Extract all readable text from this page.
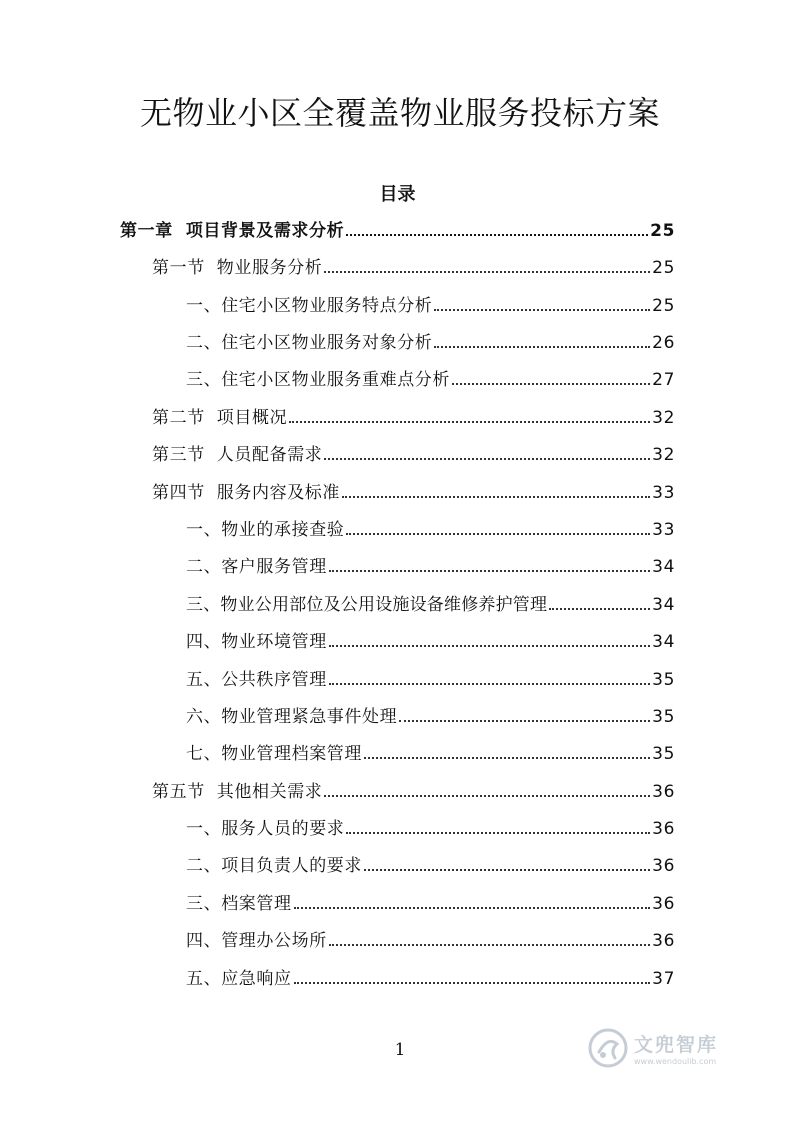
无物业小区全覆盖物业服务投标方案
目录
第一章  项目背景及需求分析	25
第一节  物业服务分析	25
一、住宅小区物业服务特点分析	25
二、住宅小区物业服务对象分析	26
三、住宅小区物业服务重难点分析	27
第二节  项目概况	32
第三节  人员配备需求	32
第四节  服务内容及标准	33
一、物业的承接查验	33
二、客户服务管理	34
三、物业公用部位及公用设施设备维修养护管理	34
四、物业环境管理	34
五、公共秩序管理	35
六、物业管理紧急事件处理	35
七、物业管理档案管理	35
第五节  其他相关需求	36
一、服务人员的要求	36
二、项目负责人的要求	36
三、档案管理	36
四、管理办公场所	36
五、应急响应	37
1	文兜智库
www.wendoulib.com
